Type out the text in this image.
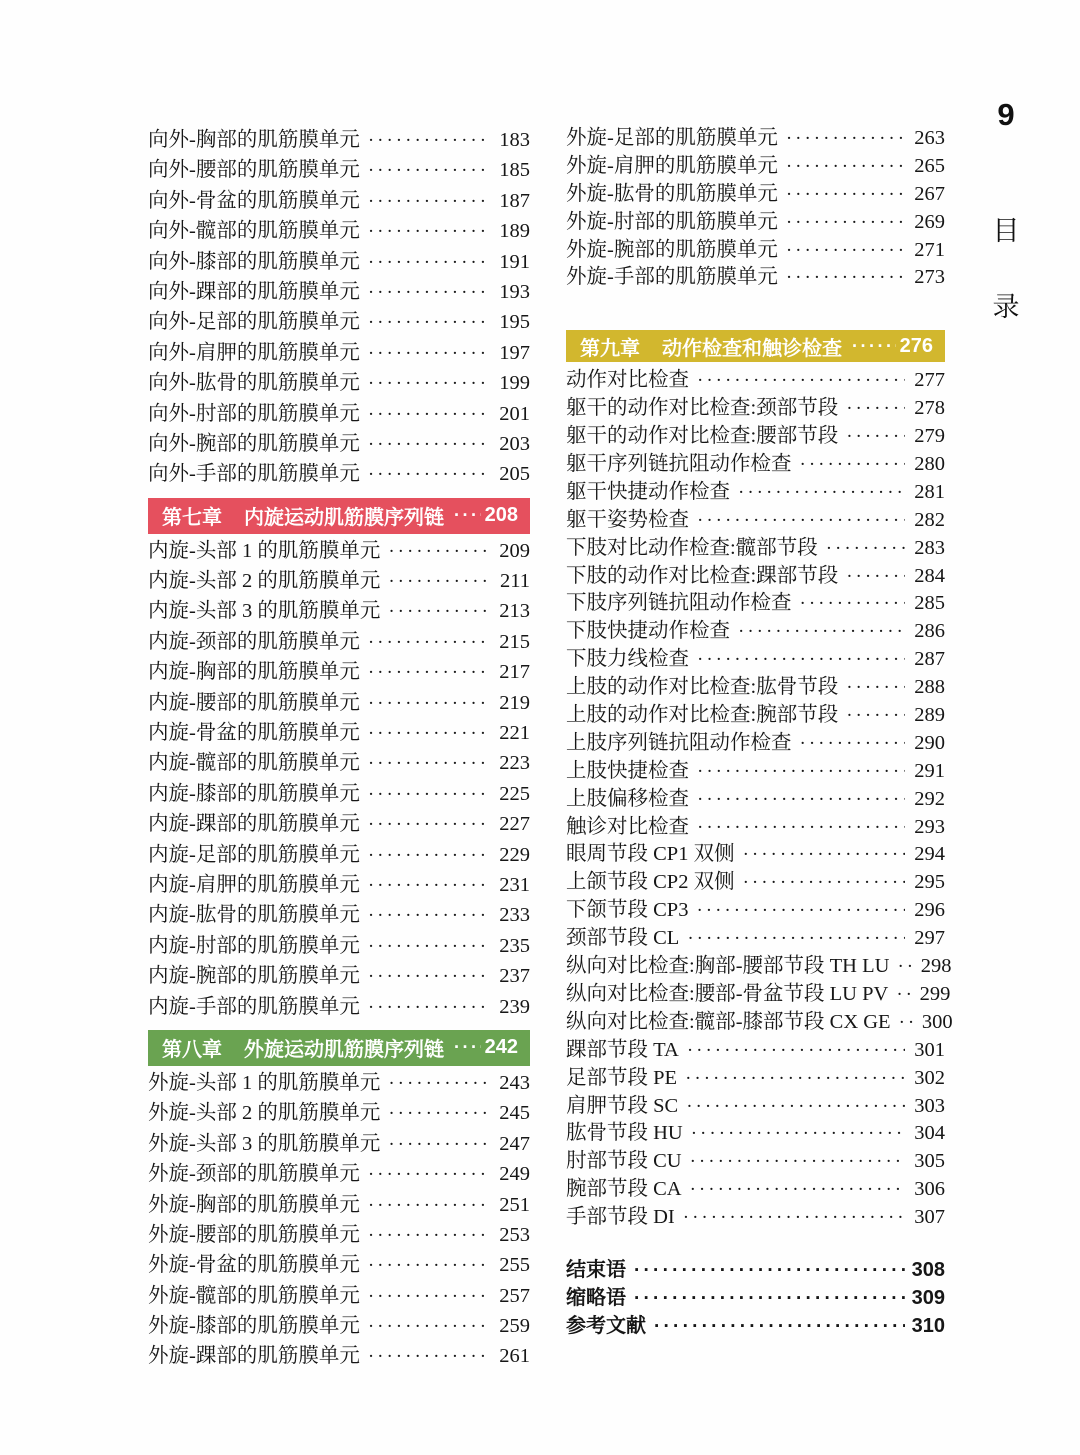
9
目
录
向外-胸部的肌筋膜单元 ·····	183
向外-腰部的肌筋膜单元 ·····	185
向外-骨盆的肌筋膜单元 ·····	187
向外-髋部的肌筋膜单元 ·····	189
向外-膝部的肌筋膜单元 ·····	191
向外-踝部的肌筋膜单元 ·····	193
向外-足部的肌筋膜单元 ·····	195
向外-肩胛的肌筋膜单元 ·····	197
向外-肱骨的肌筋膜单元 ·····	199
向外-肘部的肌筋膜单元 ·····	201
向外-腕部的肌筋膜单元 ·····	203
向外-手部的肌筋膜单元 ·····	205
第七章 内旋运动肌筋膜序列链 ····· 208
内旋-头部 1 的肌筋膜单元 ·····	209
内旋-头部 2 的肌筋膜单元 ·····	211
内旋-头部 3 的肌筋膜单元 ·····	213
内旋-颈部的肌筋膜单元 ·····	215
内旋-胸部的肌筋膜单元 ·····	217
内旋-腰部的肌筋膜单元 ·····	219
内旋-骨盆的肌筋膜单元 ·····	221
内旋-髋部的肌筋膜单元 ·····	223
内旋-膝部的肌筋膜单元 ·····	225
内旋-踝部的肌筋膜单元 ·····	227
内旋-足部的肌筋膜单元 ·····	229
内旋-肩胛的肌筋膜单元 ·····	231
内旋-肱骨的肌筋膜单元 ·····	233
内旋-肘部的肌筋膜单元 ·····	235
内旋-腕部的肌筋膜单元 ·····	237
内旋-手部的肌筋膜单元 ·····	239
第八章 外旋运动肌筋膜序列链 ····· 242
外旋-头部 1 的肌筋膜单元 ·····	243
外旋-头部 2 的肌筋膜单元 ·····	245
外旋-头部 3 的肌筋膜单元 ·····	247
外旋-颈部的肌筋膜单元 ·····	249
外旋-胸部的肌筋膜单元 ·····	251
外旋-腰部的肌筋膜单元 ·····	253
外旋-骨盆的肌筋膜单元 ·····	255
外旋-髋部的肌筋膜单元 ·····	257
外旋-膝部的肌筋膜单元 ·····	259
外旋-踝部的肌筋膜单元 ·····	261
外旋-足部的肌筋膜单元 ·····	263
外旋-肩胛的肌筋膜单元 ·····	265
外旋-肱骨的肌筋膜单元 ·····	267
外旋-肘部的肌筋膜单元 ·····	269
外旋-腕部的肌筋膜单元 ·····	271
外旋-手部的肌筋膜单元 ·····	273
第九章 动作检查和触诊检查 ·····	276
动作对比检查 ·····	277
躯干的动作对比检查:颈部节段 ·····	278
躯干的动作对比检查:腰部节段 ·····	279
躯干序列链抗阻动作检查 ·····	280
躯干快捷动作检查 ·····	281
躯干姿势检查 ·····	282
下肢对比动作检查:髋部节段 ·····	283
下肢的动作对比检查:踝部节段 ·····	284
下肢序列链抗阻动作检查 ·····	285
下肢快捷动作检查 ·····	286
下肢力线检查 ·····	287
上肢的动作对比检查:肱骨节段 ·····	288
上肢的动作对比检查:腕部节段 ·····	289
上肢序列链抗阻动作检查 ·····	290
上肢快捷检查 ·····	291
上肢偏移检查 ·····	292
触诊对比检查 ·····	293
眼周节段 CP1 双侧 ·····	294
上颌节段 CP2 双侧 ·····	295
下颌节段 CP3 ·····	296
颈部节段 CL ·····	297
纵向对比检查:胸部-腰部节段 TH LU ·····	298
纵向对比检查:腰部-骨盆节段 LU PV ·····	299
纵向对比检查:髋部-膝部节段 CX GE ·····	300
踝部节段 TA ·····	301
足部节段 PE ·····	302
肩胛节段 SC ·····	303
肱骨节段 HU ·····	304
肘部节段 CU ·····	305
腕部节段 CA ·····	306
手部节段 DI ·····	307
结束语 ·····	308
缩略语 ·····	309
参考文献 ·····	310
